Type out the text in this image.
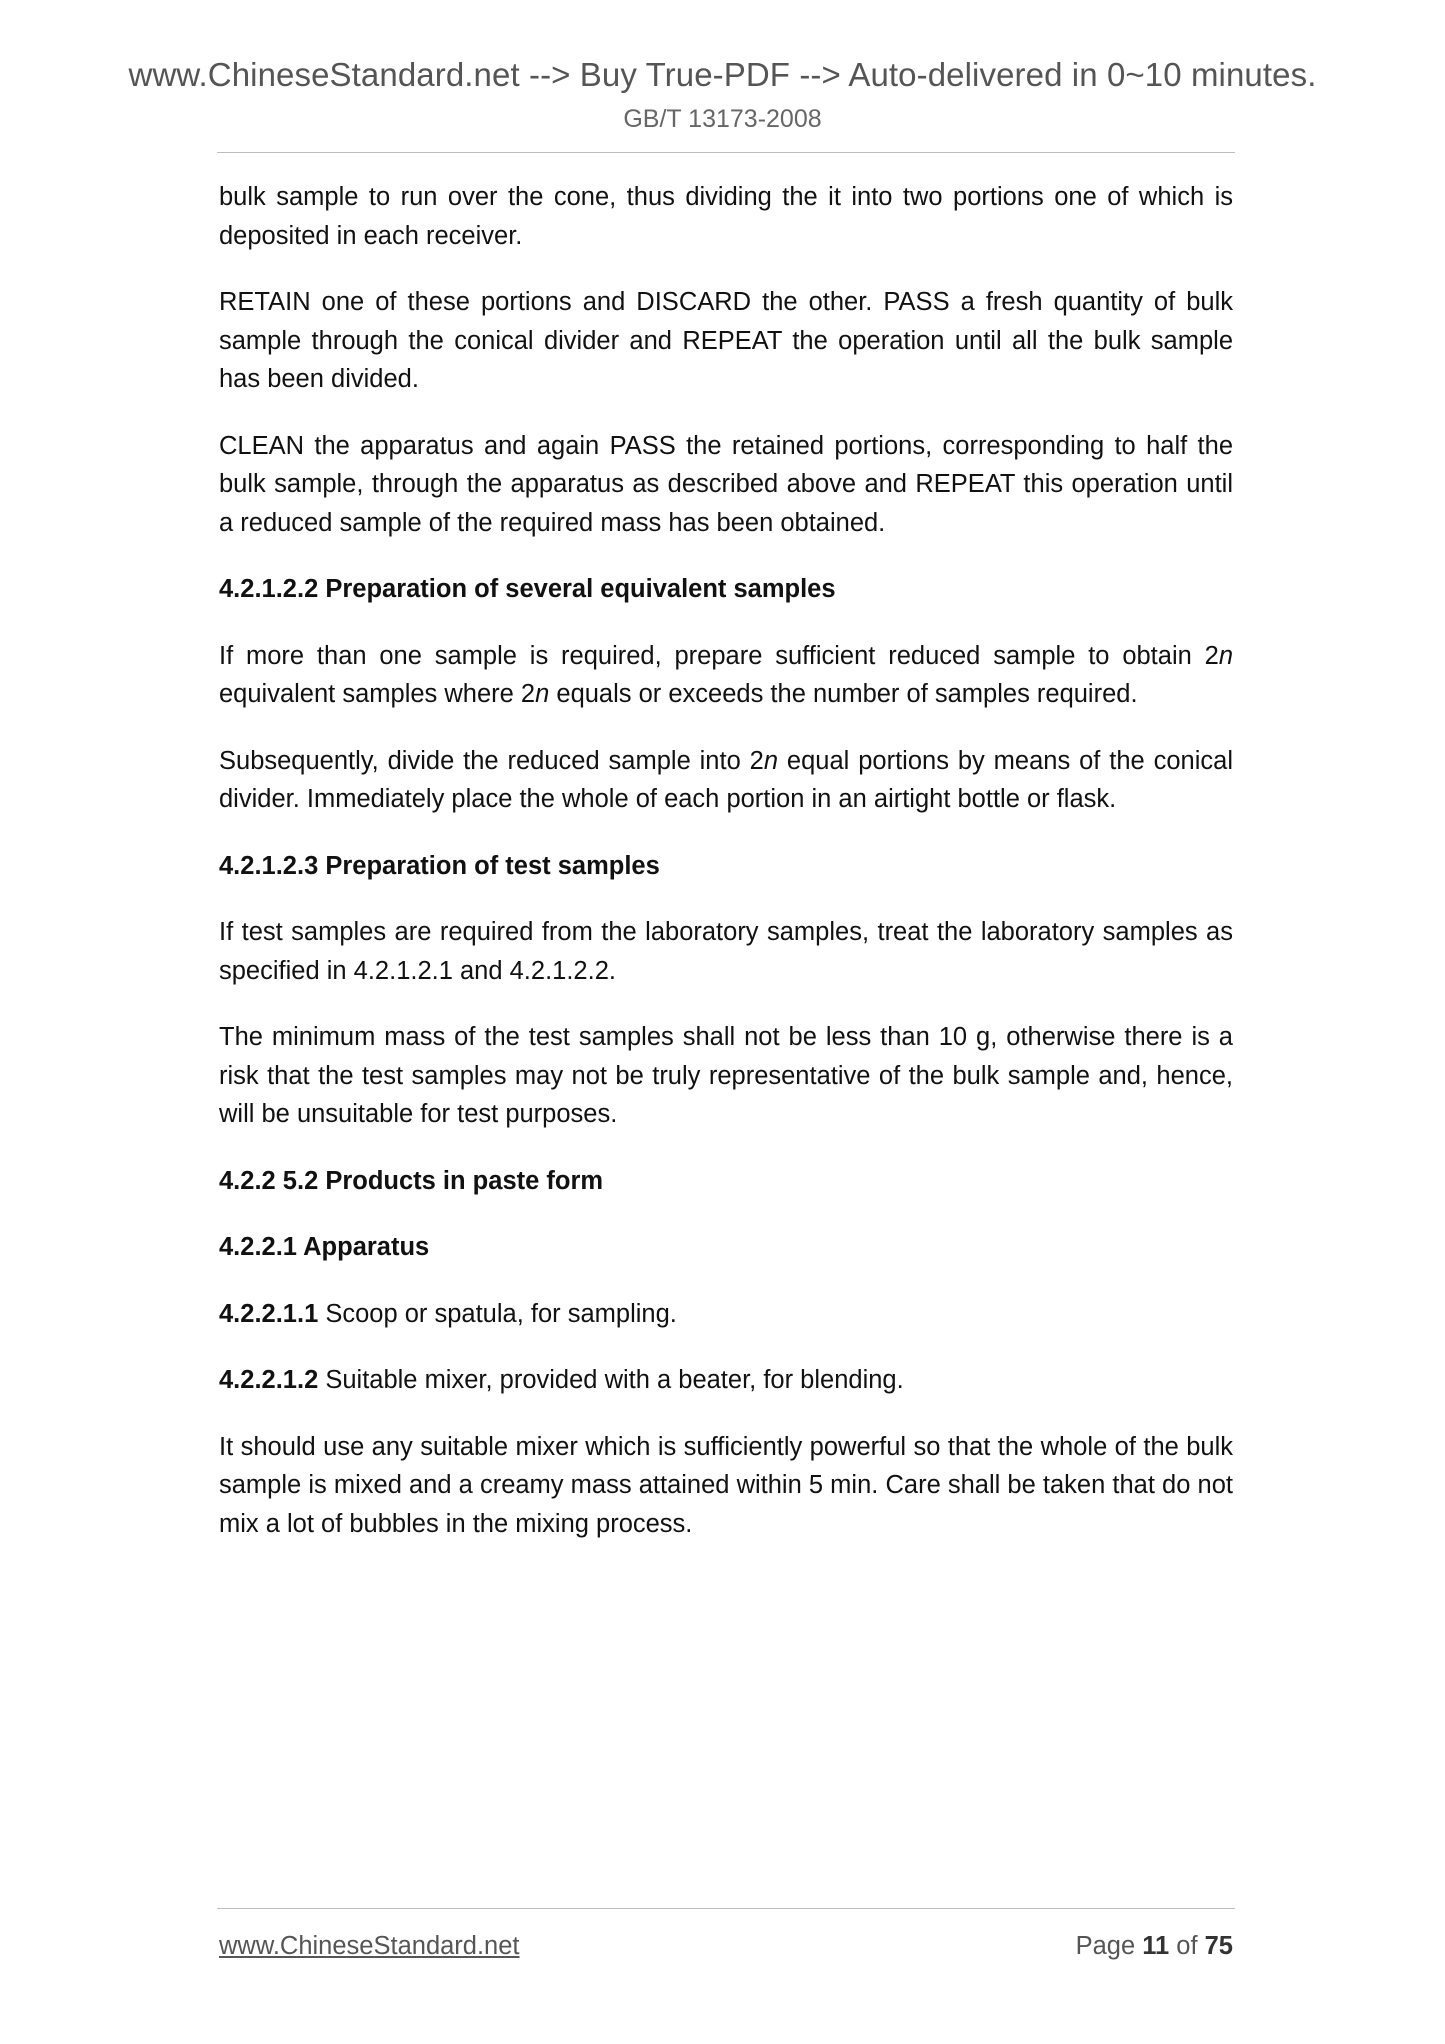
www.ChineseStandard.net --> Buy True-PDF --> Auto-delivered in 0~10 minutes.
GB/T 13173-2008

bulk sample to run over the cone, thus dividing the it into two portions one of which is deposited in each receiver.

RETAIN one of these portions and DISCARD the other. PASS a fresh quantity of bulk sample through the conical divider and REPEAT the operation until all the bulk sample has been divided.

CLEAN the apparatus and again PASS the retained portions, corresponding to half the bulk sample, through the apparatus as described above and REPEAT this operation until a reduced sample of the required mass has been obtained.

4.2.1.2.2 Preparation of several equivalent samples

If more than one sample is required, prepare sufficient reduced sample to obtain 2n equivalent samples where 2n equals or exceeds the number of samples required.

Subsequently, divide the reduced sample into 2n equal portions by means of the conical divider. Immediately place the whole of each portion in an airtight bottle or flask.

4.2.1.2.3 Preparation of test samples

If test samples are required from the laboratory samples, treat the laboratory samples as specified in 4.2.1.2.1 and 4.2.1.2.2.

The minimum mass of the test samples shall not be less than 10 g, otherwise there is a risk that the test samples may not be truly representative of the bulk sample and, hence, will be unsuitable for test purposes.

4.2.2 5.2 Products in paste form

4.2.2.1 Apparatus

4.2.2.1.1 Scoop or spatula, for sampling.

4.2.2.1.2 Suitable mixer, provided with a beater, for blending.

It should use any suitable mixer which is sufficiently powerful so that the whole of the bulk sample is mixed and a creamy mass attained within 5 min. Care shall be taken that do not mix a lot of bubbles in the mixing process.

www.ChineseStandard.net	Page 11 of 75
